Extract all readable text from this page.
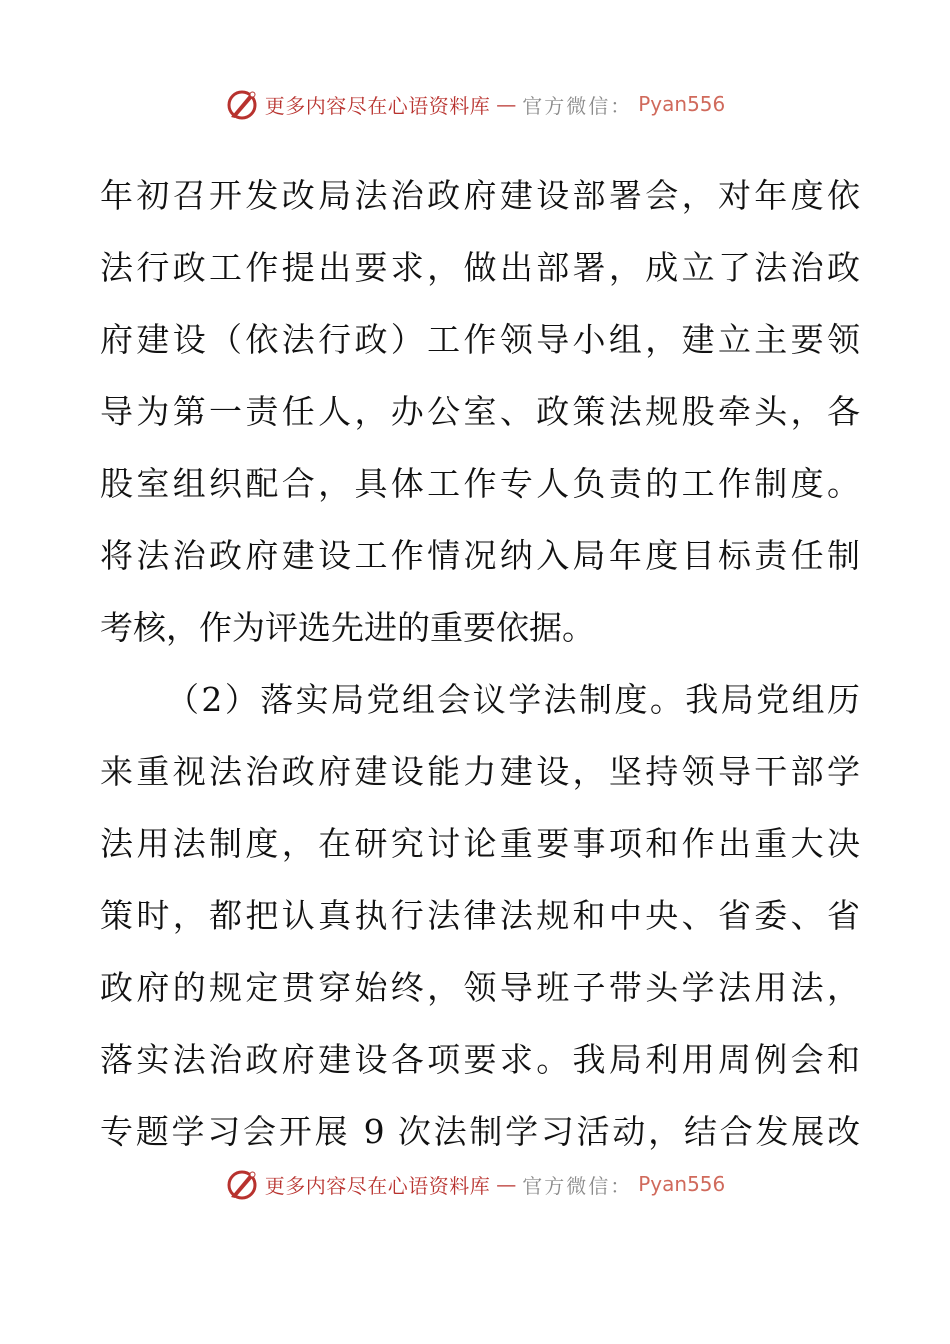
更多内容尽在心语资料库 — 官方微信： Pyan556
年初召开发改局法治政府建设部署会，对年度依
法行政工作提出要求，做出部署，成立了法治政
府建设（依法行政）工作领导小组，建立主要领
导为第一责任人，办公室、政策法规股牵头，各
股室组织配合，具体工作专人负责的工作制度。
将法治政府建设工作情况纳入局年度目标责任制
考核，作为评选先进的重要依据。
（2）落实局党组会议学法制度。我局党组历
来重视法治政府建设能力建设，坚持领导干部学
法用法制度，在研究讨论重要事项和作出重大决
策时，都把认真执行法律法规和中央、省委、省
政府的规定贯穿始终，领导班子带头学法用法，
落实法治政府建设各项要求。我局利用周例会和
专题学习会开展 9 次法制学习活动，结合发展改
更多内容尽在心语资料库 — 官方微信： Pyan556
